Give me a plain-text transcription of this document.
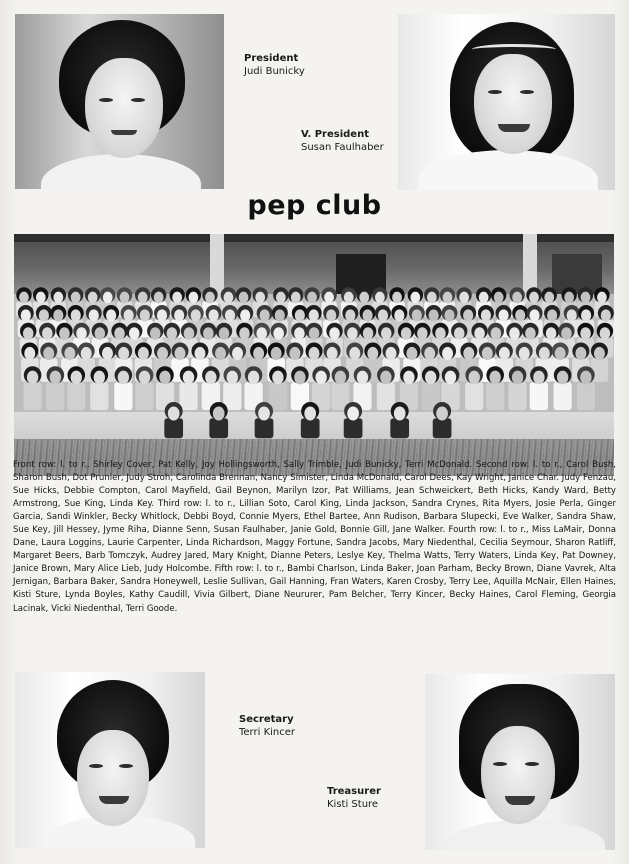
President
Judi Bunicky
V. President
Susan Faulhaber
pep club
Front row: l. to r., Shirley Cover, Pat Kelly, Joy Hollingsworth, Sally Trimble, Judi Bunicky, Terri McDonald. Second row: l. to r., Carol Bush, Sharon Bush, Dot Prunier, Judy Stroh, Carolinda Brennan, Nancy Simister, Linda McDonald, Carol Dees, Kay Wright, Janice Char. Judy Fenzau, Sue Hicks, Debbie Compton, Carol Mayfield, Gail Beynon, Marilyn Izor, Pat Williams, Jean Schweickert, Beth Hicks, Kandy Ward, Betty Armstrong, Sue King, Linda Key. Third row: l. to r., Lillian Soto, Carol King, Linda Jackson, Sandra Crynes, Rita Myers, Josie Perla, Ginger Garcia, Sandi Winkler, Becky Whitlock, Debbi Boyd, Connie Myers, Ethel Bartee, Ann Rudison, Barbara Slupecki, Eve Walker, Sandra Shaw, Sue Key, Jill Hessey, Jyme Riha, Dianne Senn, Susan Faulhaber, Janie Gold, Bonnie Gill, Jane Walker. Fourth row: l. to r., Miss LaMair, Donna Dane, Laura Loggins, Laurie Carpenter, Linda Richardson, Maggy Fortune, Sandra Jacobs, Mary Niedenthal, Cecilia Seymour, Sharon Ratliff, Margaret Beers, Barb Tomczyk, Audrey Jared, Mary Knight, Dianne Peters, Leslye Key, Thelma Watts, Terry Waters, Linda Key, Pat Downey, Janice Brown, Mary Alice Lieb, Judy Holcombe. Fifth row: l. to r., Bambi Charlson, Linda Baker, Joan Parham, Becky Brown, Diane Vavrek, Alta Jernigan, Barbara Baker, Sandra Honeywell, Leslie Sullivan, Gail Hanning, Fran Waters, Karen Crosby, Terry Lee, Aquilla McNair, Ellen Haines, Kisti Sture, Lynda Boyles, Kathy Caudill, Vivia Gilbert, Diane Neururer, Pam Belcher, Terry Kincer, Becky Haines, Carol Fleming, Georgia Lacinak, Vicki Niedenthal, Terri Goode.
Secretary
Terri Kincer
Treasurer
Kisti Sture
